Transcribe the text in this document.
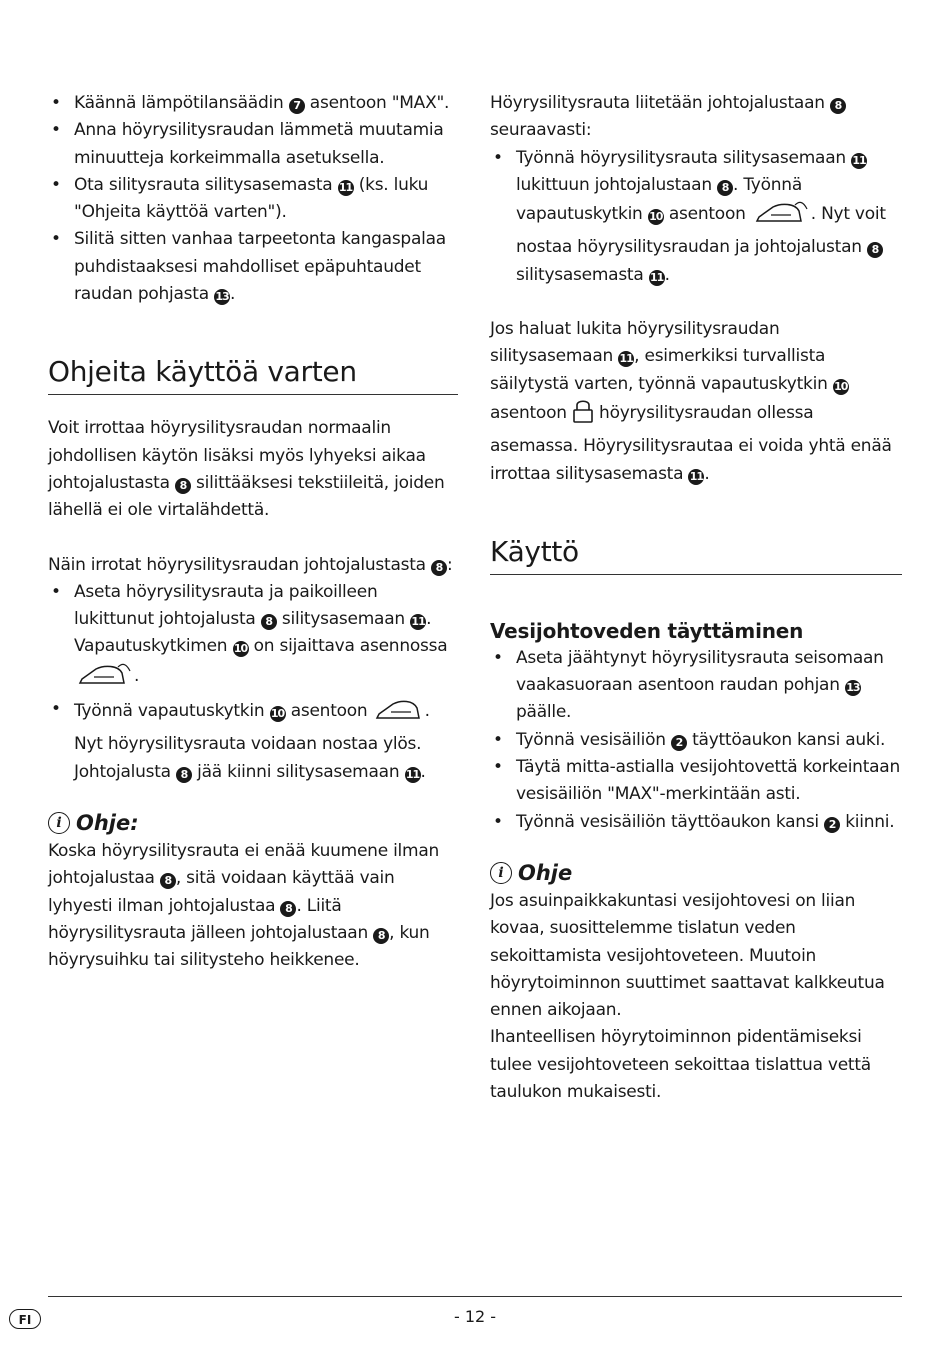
• Käännä lämpötilansäädin 7 asentoon "MAX".
• Anna höyrysilitysraudan lämmetä muutamia minuutteja korkeimmalla asetuksella.
• Ota silitysrauta silitysasemasta 11 (ks. luku "Ohjeita käyttöä varten").
• Silitä sitten vanhaa tarpeetonta kangaspalaa puhdistaaksesi mahdolliset epäpuhtaudet raudan pohjasta 13.
Ohjeita käyttöä varten

Voit irrottaa höyrysilitysraudan normaalin johdollisen käytön lisäksi myös lyhyeksi aikaa johtojalustasta 8 silittääksesi tekstiileitä, joiden lähellä ei ole virtalähdettä.

Näin irrotat höyrysilitysraudan johtojalustasta 8 :

• Aseta höyrysilitysrauta ja paikoilleen lukittunut johtojalusta 8 silitysasemaan 11. Vapautuskytkimen 10 on sijaittava asennossa .
• Työnnä vapautuskytkin 10 asentoon	. Nyt höyrysilitysrauta voidaan nostaa ylös. Johtojalusta 8 jää kiinni silitysasemaan 11.
i Ohje:

Koska höyrysilitysrauta ei enää kuumene ilman johtojalustaa 8 , sitä voidaan käyttää vain lyhyesti ilman johtojalustaa 8 . Liitä höyrysilitysrauta jälleen johtojalustaan 8 , kun höyrysuihku tai silitysteho heikkenee.

Höyrysilitysrauta liitetään johtojalustaan 8 seuraavasti:

• Työnnä höyrysilitysrauta silitysasemaan 11 lukittuun johtojalustaan 8 . Työnnä vapautuskytkin 10 asentoon	. Nyt voit nostaa höyrysilitysraudan ja johtojalustan 8 silitysasemasta 11.

Jos haluat lukita höyrysilitysraudan silitysasemaan 11, esimerkiksi turvallista säilytystä varten, työnnä vapautuskytkin 10 asentoon  höyrysilitysraudan ollessa asemassa. Höyrysilitysrautaa ei voida yhtä enää irrottaa silitysasemasta 11.

Käyttö
Vesijohtoveden täyttäminen
• Aseta jäähtynyt höyrysilitysrauta seisomaan vaakasuoraan asentoon raudan pohjan 13 päälle.
• Työnnä vesisäiliön 2 täyttöaukon kansi auki.
• Täytä mitta-astialla vesijohtovettä korkeintaan vesisäiliön "MAX"-merkintään asti.
• Työnnä vesisäiliön täyttöaukon kansi 2 kiinni.
i Ohje

Jos asuinpaikkakuntasi vesijohtovesi on liian kovaa, suosittelemme tislatun veden sekoittamista vesijohtoveteen. Muutoin höyrytoiminnon suuttimet saattavat kalkkeutua ennen aikojaan.

Ihanteellisen höyrytoiminnon pidentämiseksi tulee vesijohtoveteen sekoittaa tislattua vettä taulukon mukaisesti.

FI	- 12 -
